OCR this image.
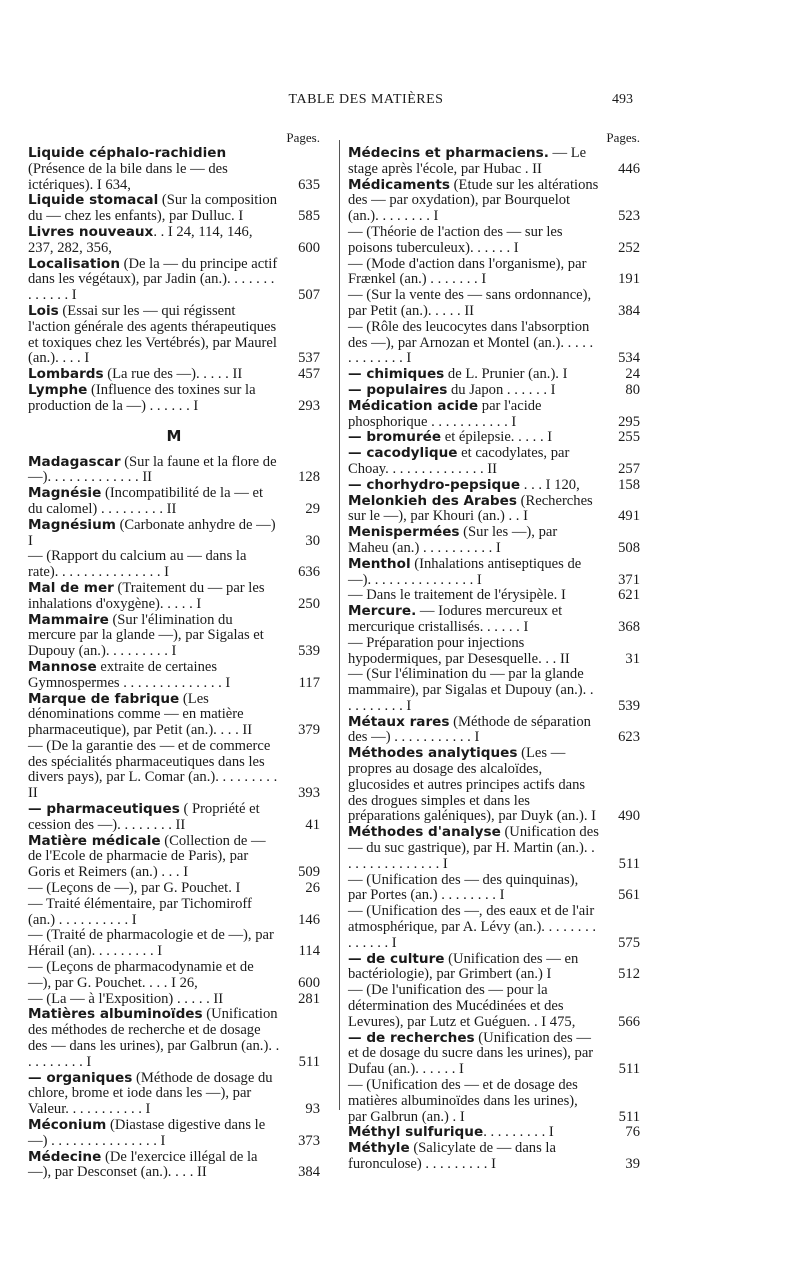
TABLE DES MATIÈRES	493
Pages.
Liquide céphalo-rachidien (Présence de la bile dans le — des ictériques). I 634,	635
Liquide stomacal (Sur la composition du — chez les enfants), par Dulluc. I	585
Livres nouveaux. . I 24, 114, 146, 237, 282, 356,	600
Localisation (De la — du principe actif dans les végétaux), par Jadin (an.). . . . . . . . . . . . . I	507
Lois (Essai sur les — qui régissent l'action générale des agents thérapeutiques et toxiques chez les Vertébrés), par Maurel (an.). . . . I	537
Lombards (La rue des —). . . . . II	457
Lymphe (Influence des toxines sur la production de la —) . . . . . . I	293
M
Madagascar (Sur la faune et la flore de —). . . . . . . . . . . . . II	128
Magnésie (Incompatibilité de la — et du calomel) . . . . . . . . . II	29
Magnésium (Carbonate anhydre de —) I	30
— (Rapport du calcium au — dans la rate). . . . . . . . . . . . . . . I	636
Mal de mer (Traitement du — par les inhalations d'oxygène). . . . . I	250
Mammaire (Sur l'élimination du mercure par la glande —), par Sigalas et Dupouy (an.). . . . . . . . . I	539
Mannose extraite de certaines Gymnospermes . . . . . . . . . . . . . . I	117
Marque de fabrique (Les dénominations comme — en matière pharmaceutique), par Petit (an.). . . . II	379
— (De la garantie des — et de commerce des spécialités pharmaceutiques dans les divers pays), par L. Comar (an.). . . . . . . . . II	393
— pharmaceutiques ( Propriété et cession des —). . . . . . . . II	41
Matière médicale (Collection de — de l'Ecole de pharmacie de Paris), par Goris et Reimers (an.) . . . I	509
— (Leçons de —), par G. Pouchet. I	26
— Traité élémentaire, par Tichomiroff (an.) . . . . . . . . . . I	146
— (Traité de pharmacologie et de —), par Hérail (an). . . . . . . . . I	114
— (Leçons de pharmacodynamie et de —), par G. Pouchet. . . . I 26,	600
— (La — à l'Exposition) . . . . . II	281
Matières albuminoïdes (Unification des méthodes de recherche et de dosage des — dans les urines), par Galbrun (an.). . . . . . . . . . I	511
— organiques (Méthode de dosage du chlore, brome et iode dans les —), par Valeur. . . . . . . . . . . I	93
Méconium (Diastase digestive dans le —) . . . . . . . . . . . . . . . I	373
Médecine (De l'exercice illégal de la —), par Desconset (an.). . . . II	384
Pages.
Médecins et pharmaciens. — Le stage après l'école, par Hubac . II	446
Médicaments (Etude sur les altérations des — par oxydation), par Bourquelot (an.). . . . . . . . I	523
— (Théorie de l'action des — sur les poisons tuberculeux). . . . . . I	252
— (Mode d'action dans l'organisme), par Frænkel (an.) . . . . . . . I	191
— (Sur la vente des — sans ordonnance), par Petit (an.). . . . . II	384
— (Rôle des leucocytes dans l'absorption des —), par Arnozan et Montel (an.). . . . . . . . . . . . . I	534
— chimiques de L. Prunier (an.). I	24
— populaires du Japon . . . . . . I	80
Médication acide par l'acide phosphorique . . . . . . . . . . . I	295
— bromurée et épilepsie. . . . . I	255
— cacodylique et cacodylates, par Choay. . . . . . . . . . . . . . II	257
— chorhydro-pepsique . . . I 120,	158
Melonkieh des Arabes (Recherches sur le —), par Khouri (an.) . . I	491
Menispermées (Sur les —), par Maheu (an.) . . . . . . . . . . I	508
Menthol (Inhalations antiseptiques de —). . . . . . . . . . . . . . . I	371
— Dans le traitement de l'érysipèle. I	621
Mercure. — Iodures mercureux et mercurique cristallisés. . . . . . I	368
— Préparation pour injections hypodermiques, par Desesquelle. . . II	31
— (Sur l'élimination du — par la glande mammaire), par Sigalas et Dupouy (an.). . . . . . . . . . I	539
Métaux rares (Méthode de séparation des —) . . . . . . . . . . . I	623
Méthodes analytiques (Les — propres au dosage des alcaloïdes, glucosides et autres principes actifs dans des drogues simples et dans les préparations galéniques), par Duyk (an.). I	490
Méthodes d'analyse (Unification des — du suc gastrique), par H. Martin (an.). . . . . . . . . . . . . . . I	511
— (Unification des — des quinquinas), par Portes (an.) . . . . . . . . I	561
— (Unification des —, des eaux et de l'air atmosphérique, par A. Lévy (an.). . . . . . . . . . . . . . I	575
— de culture (Unification des — en bactériologie), par Grimbert (an.) I	512
— (De l'unification des — pour la détermination des Mucédinées et des Levures), par Lutz et Guéguen. . I 475,	566
— de recherches (Unification des — et de dosage du sucre dans les urines), par Dufau (an.). . . . . . I	511
— (Unification des — et de dosage des matières albuminoïdes dans les urines), par Galbrun (an.) . I	511
Méthyl sulfurique. . . . . . . . . I	76
Méthyle (Salicylate de — dans la furonculose) . . . . . . . . . I	39
